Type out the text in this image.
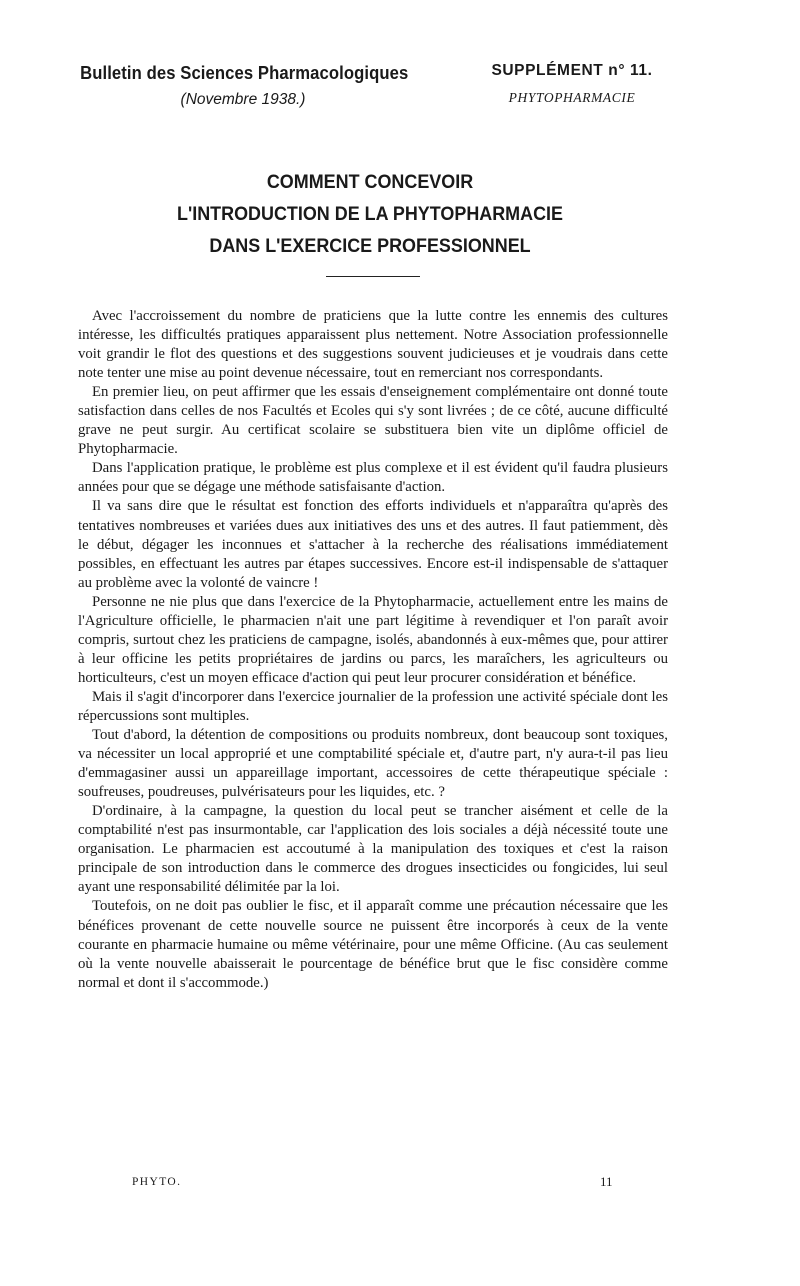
Bulletin des Sciences Pharmacologiques
(Novembre 1938.)
SUPPLÉMENT n° 11.
PHYTOPHARMACIE
COMMENT CONCEVOIR
L'INTRODUCTION DE LA PHYTOPHARMACIE
DANS L'EXERCICE PROFESSIONNEL

Avec l'accroissement du nombre de praticiens que la lutte contre les ennemis des cultures intéresse, les difficultés pratiques apparaissent plus nettement. Notre Association professionnelle voit grandir le flot des questions et des suggestions souvent judicieuses et je voudrais dans cette note tenter une mise au point devenue nécessaire, tout en remerciant nos correspondants.

En premier lieu, on peut affirmer que les essais d'enseignement complémentaire ont donné toute satisfaction dans celles de nos Facultés et Ecoles qui s'y sont livrées ; de ce côté, aucune difficulté grave ne peut surgir. Au certificat scolaire se substituera bien vite un diplôme officiel de Phytopharmacie.

Dans l'application pratique, le problème est plus complexe et il est évident qu'il faudra plusieurs années pour que se dégage une méthode satisfaisante d'action.

Il va sans dire que le résultat est fonction des efforts individuels et n'apparaîtra qu'après des tentatives nombreuses et variées dues aux initiatives des uns et des autres. Il faut patiemment, dès le début, dégager les inconnues et s'attacher à la recherche des réalisations immédiatement possibles, en effectuant les autres par étapes successives. Encore est-il indispensable de s'attaquer au problème avec la volonté de vaincre !

Personne ne nie plus que dans l'exercice de la Phytopharmacie, actuellement entre les mains de l'Agriculture officielle, le pharmacien n'ait une part légitime à revendiquer et l'on paraît avoir compris, surtout chez les praticiens de campagne, isolés, abandonnés à eux-mêmes que, pour attirer à leur officine les petits propriétaires de jardins ou parcs, les maraîchers, les agriculteurs ou horticulteurs, c'est un moyen efficace d'action qui peut leur procurer considération et bénéfice.

Mais il s'agit d'incorporer dans l'exercice journalier de la profession une activité spéciale dont les répercussions sont multiples.

Tout d'abord, la détention de compositions ou produits nombreux, dont beaucoup sont toxiques, va nécessiter un local approprié et une comptabilité spéciale et, d'autre part, n'y aura-t-il pas lieu d'emmagasiner aussi un appareillage important, accessoires de cette thérapeutique spéciale : soufreuses, poudreuses, pulvérisateurs pour les liquides, etc. ?

D'ordinaire, à la campagne, la question du local peut se trancher aisément et celle de la comptabilité n'est pas insurmontable, car l'application des lois sociales a déjà nécessité toute une organisation. Le pharmacien est accoutumé à la manipulation des toxiques et c'est la raison principale de son introduction dans le commerce des drogues insecticides ou fongicides, lui seul ayant une responsabilité délimitée par la loi.

Toutefois, on ne doit pas oublier le fisc, et il apparaît comme une précaution nécessaire que les bénéfices provenant de cette nouvelle source ne puissent être incorporés à ceux de la vente courante en pharmacie humaine ou même vétérinaire, pour une même Officine. (Au cas seulement où la vente nouvelle abaisserait le pourcentage de bénéfice brut que le fisc considère comme normal et dont il s'accommode.)

PHYTO.	11
